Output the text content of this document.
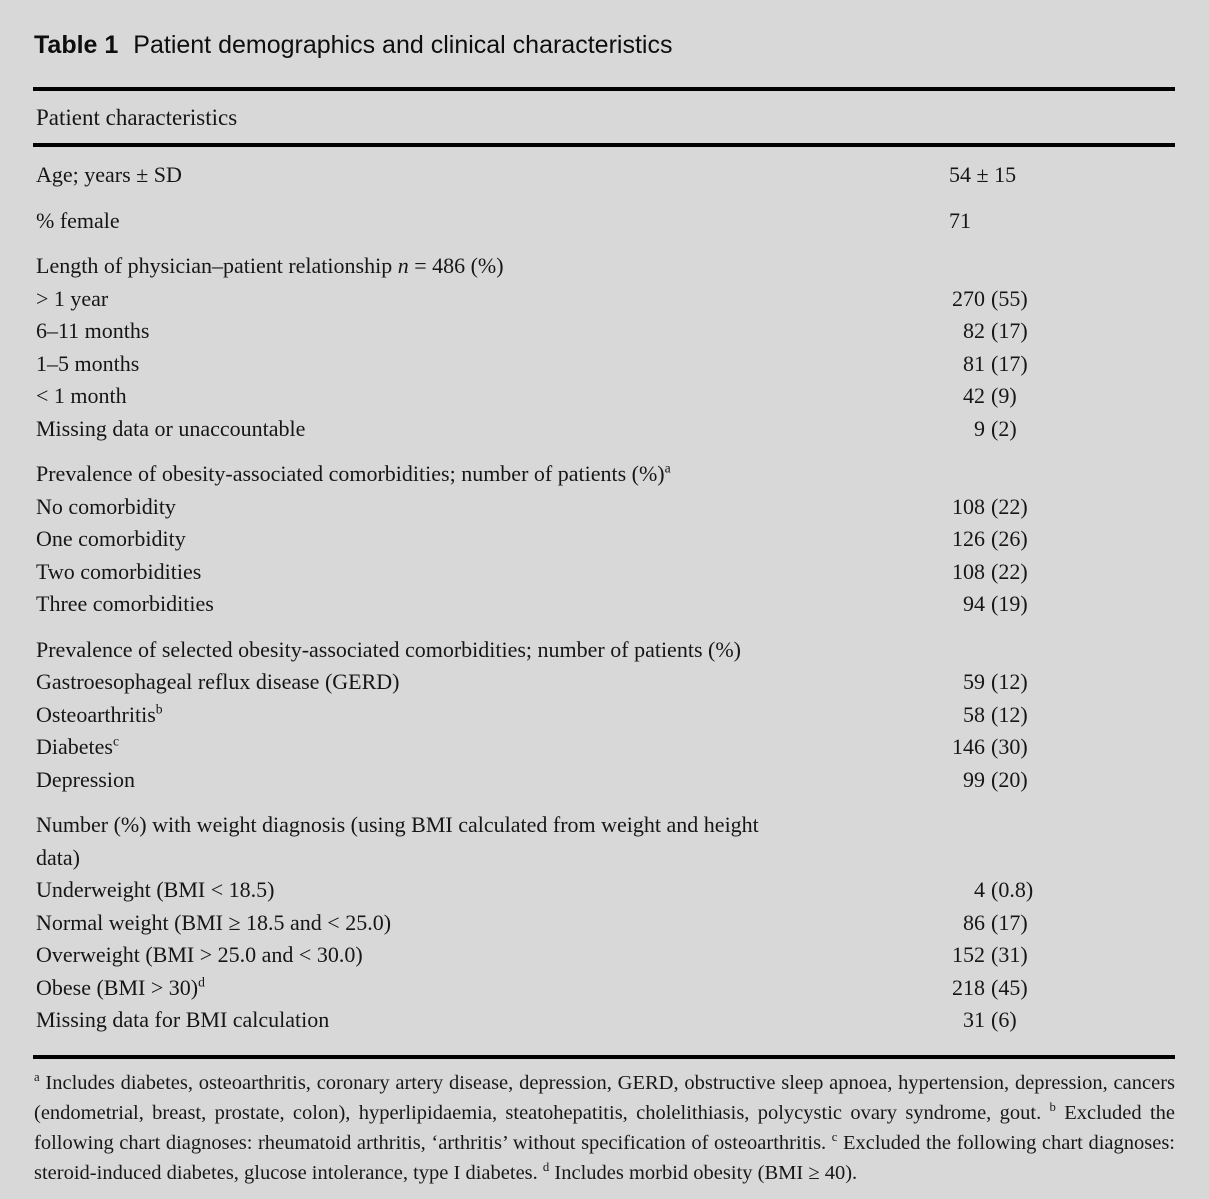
Table 1 Patient demographics and clinical characteristics
Patient characteristics
Age; years ± SD	54 ± 15
% female	71
Length of physician–patient relationship n = 486 (%)
> 1 year	270 (55)
6–11 months	82 (17)
1–5 months	81 (17)
< 1 month	42 (9)
Missing data or unaccountable	9 (2)
Prevalence of obesity-associated comorbidities; number of patients (%)$^a$
No comorbidity	108 (22)
One comorbidity	126 (26)
Two comorbidities	108 (22)
Three comorbidities	94 (19)
Prevalence of selected obesity-associated comorbidities; number of patients (%)
Gastroesophageal reflux disease (GERD)	59 (12)
Osteoarthritis$^b$	58 (12)
Diabetes$^c$	146 (30)
Depression	99 (20)
Number (%) with weight diagnosis (using BMI calculated from weight and height
data)
Underweight (BMI < 18.5)	4 (0.8)
Normal weight (BMI ≥ 18.5 and < 25.0)	86 (17)
Overweight (BMI > 25.0 and < 30.0)	152 (31)
Obese (BMI > 30)$^d$	218 (45)
Missing data for BMI calculation	31 (6)
$^a$ Includes diabetes, osteoarthritis, coronary artery disease, depression, GERD, obstructive sleep apnoea, hypertension, depression, cancers (endometrial, breast, prostate, colon), hyperlipidaemia, steatohepatitis, cholelithiasis, polycystic ovary syndrome, gout. $^b$ Excluded the following chart diagnoses: rheumatoid arthritis, ‘arthritis’ without specification of osteoarthritis. $^c$ Excluded the following chart diagnoses: steroid-induced diabetes, glucose intolerance, type I diabetes. $^d$ Includes morbid obesity (BMI ≥ 40).
